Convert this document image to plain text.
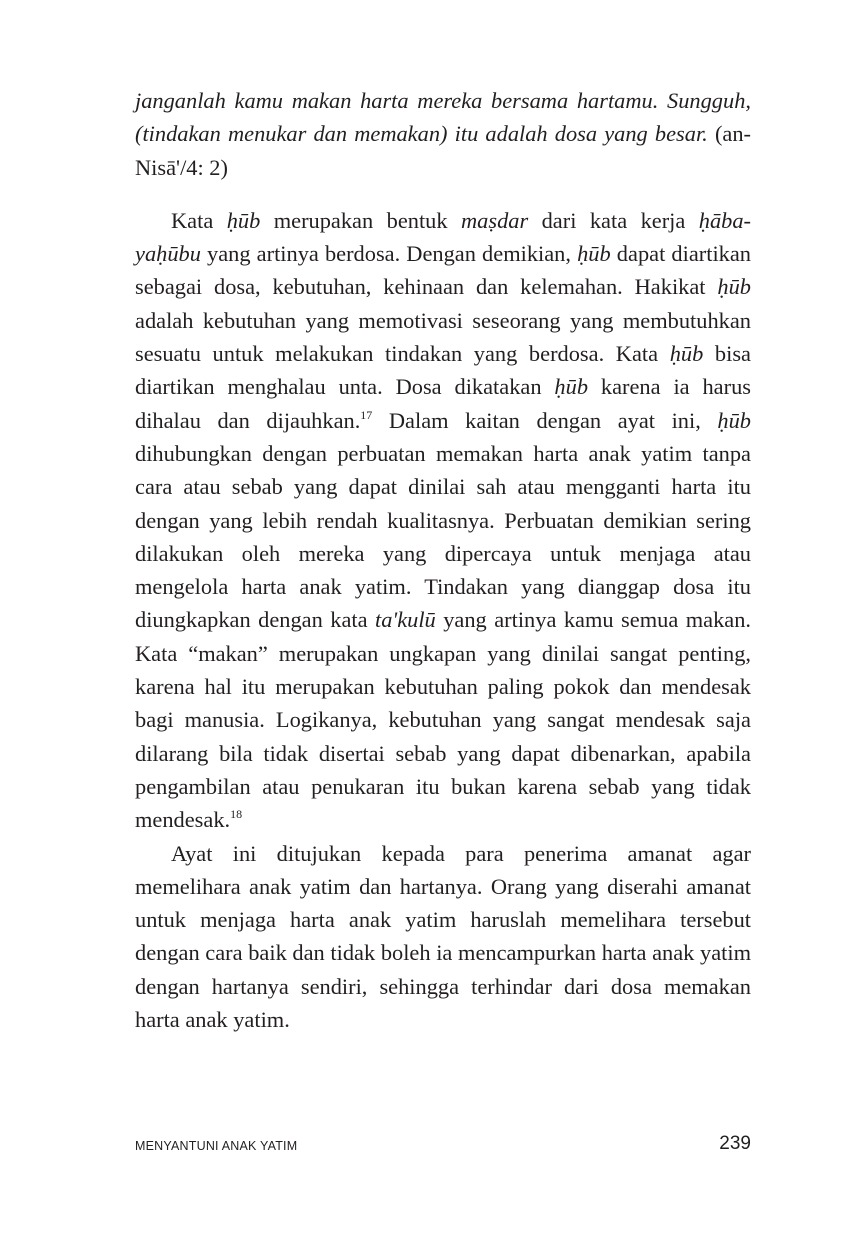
janganlah kamu makan harta mereka bersama hartamu. Sungguh, (tindakan menukar dan memakan) itu adalah dosa yang besar. (an-Nisā'/4: 2)

Kata ḥūb merupakan bentuk maṣdar dari kata kerja ḥāba-yaḥūbu yang artinya berdosa. Dengan demikian, ḥūb dapat diartikan sebagai dosa, kebutuhan, kehinaan dan kelemahan. Hakikat ḥūb adalah kebutuhan yang memotivasi seseorang yang membutuhkan sesuatu untuk melakukan tindakan yang berdosa. Kata ḥūb bisa diartikan menghalau unta. Dosa dikatakan ḥūb karena ia harus dihalau dan dijauhkan.$^{17}$ Dalam kaitan dengan ayat ini, ḥūb dihubungkan dengan perbuatan memakan harta anak yatim tanpa cara atau sebab yang dapat dinilai sah atau mengganti harta itu dengan yang lebih rendah kualitasnya. Perbuatan demikian sering dilakukan oleh mereka yang dipercaya untuk menjaga atau mengelola harta anak yatim. Tindakan yang dianggap dosa itu diungkapkan dengan kata ta'kulū yang artinya kamu semua makan. Kata “makan” merupakan ungkapan yang dinilai sangat penting, karena hal itu merupakan kebutuhan paling pokok dan mendesak bagi manusia. Logikanya, kebutuhan yang sangat mendesak saja dilarang bila tidak disertai sebab yang dapat dibenarkan, apabila pengambilan atau penukaran itu bukan karena sebab yang tidak mendesak.$^{18}$

Ayat ini ditujukan kepada para penerima amanat agar memelihara anak yatim dan hartanya. Orang yang diserahi amanat untuk menjaga harta anak yatim haruslah memelihara tersebut dengan cara baik dan tidak boleh ia mencampurkan harta anak yatim dengan hartanya sendiri, sehingga terhindar dari dosa memakan harta anak yatim.

MENYANTUNI ANAK YATIM	239
